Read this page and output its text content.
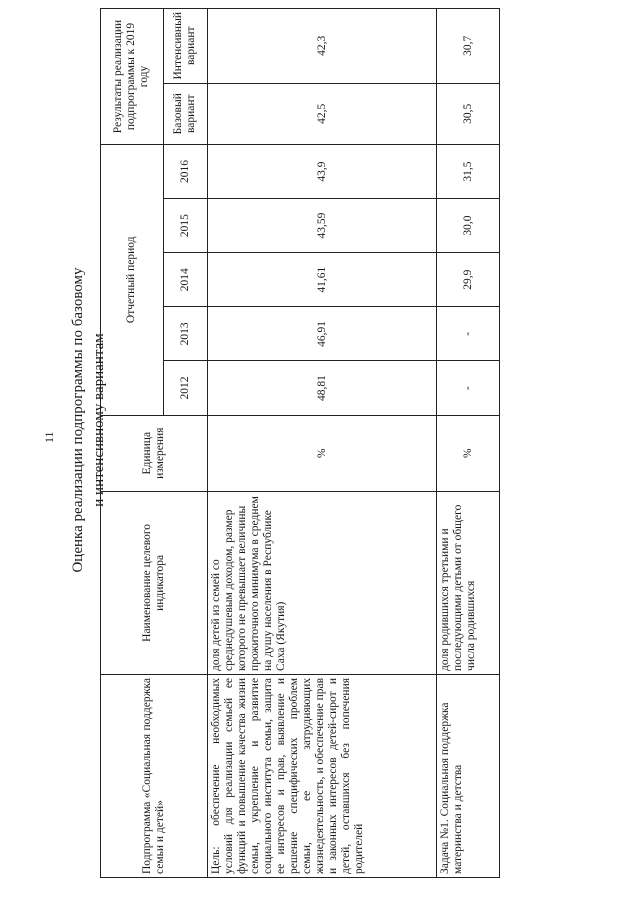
11 Оценка реализации подпрограммы по базовому и интенсивному вариантам
Подпрограмма «Социальная поддержка семьи и детей»	Наименование целевого индикатора	Единица измерения	Отчетный период					Результаты реализации подпрограммы к 2019 году	
			2012	2013	2014	2015	2016	Базовый вариант	Интенсивный вариант
Цель: обеспечение необходимых условий для реализации семьей ее функций и повышение качества жизни семьи, укрепление и развитие социального института семьи, защита ее интересов и прав, выявление и решение специфических проблем семьи, ее затрудняющих жизнедеятельность, и обеспечение прав и законных интересов детей-сирот и детей, оставшихся без попечения родителей	доля детей из семей со среднедушевым доходом, размер которого не превышает величины прожиточного минимума в среднем на душу населения в Республике Саха (Якутия)	%	48,81	46,91	41,61	43,59	43,9	42,5	42,3
Задача №1. Социальная поддержка материнства и детства	доля родившихся третьими и последующими детьми от общего числа родившихся	%	-	-	29,9	30,0	31,5	30,5	30,7
